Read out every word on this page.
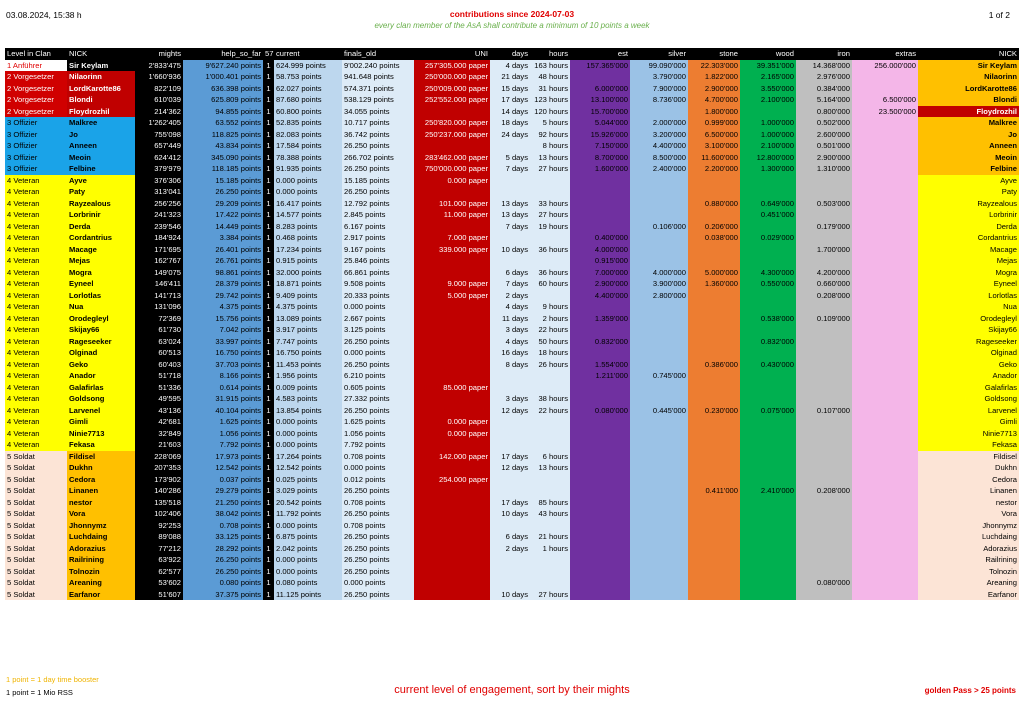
03.08.2024, 15:38 h	contributions since 2024-07-03
every clan member of the AsA shall contribute a minimum of 10 points a week
1 of 2
Level in Clan	NICK	mights	help_so_far	57	current	finals_old	UNI	days	hours	est	silver	stone	wood	iron	extras	NICK
1 Anführer	Sir Keylam	2'833'475	9'627.240 points	1	624.999 points	9'002.240 points	257'305.000 paper	4 days	163 hours	157.365'000	99.090'000	22.303'000	39.351'000	14.368'000	256.000'000	Sir Keylam
2 Vorgesetzer	Nilaorinn	1'660'936	1'000.401 points	1	58.753 points	941.648 points	250'000.000 paper	21 days	48 hours		3.790'000	1.822'000	2.165'000	2.976'000		Nilaorinn
2 Vorgesetzer	LordKarotte86	822'109	636.398 points	1	62.027 points	574.371 points	250'009.000 paper	15 days	31 hours	6.000'000	7.900'000	2.900'000	3.550'000	0.384'000		LordKarotte86
2 Vorgesetzer	Blondi	610'039	625.809 points	1	87.680 points	538.129 points	252'552.000 paper	17 days	123 hours	13.100'000	8.736'000	4.700'000	2.100'000	5.164'000	6.500'000	Blondi
2 Vorgesetzer	Floydrozhil	214'362	94.855 points	1	60.800 points	34.055 points		14 days	120 hours	15.700'000		1.800'000		0.800'000	23.500'000	Floydrozhil
3 Offizier	Malkree	1'262'405	63.552 points	1	52.835 points	10.717 points	250'820.000 paper	18 days	5 hours	5.044'000	2.000'000	0.999'000	1.000'000	0.502'000		Malkree
3 Offizier	Jo	755'098	118.825 points	1	82.083 points	36.742 points	250'237.000 paper	24 days	92 hours	15.926'000	3.200'000	6.500'000	1.000'000	2.600'000		Jo
3 Offizier	Anneen	657'449	43.834 points	1	17.584 points	26.250 points			8 hours	7.150'000	4.400'000	3.100'000	2.100'000	0.501'000		Anneen
3 Offizier	Meoin	624'412	345.090 points	1	78.388 points	266.702 points	283'462.000 paper	5 days	13 hours	8.700'000	8.500'000	11.600'000	12.800'000	2.900'000		Meoin
3 Offizier	Felbine	379'979	118.185 points	1	91.935 points	26.250 points	750'000.000 paper	7 days	27 hours	1.600'000	2.400'000	2.200'000	1.300'000	1.310'000		Felbine
4 Veteran	Ayve	376'306	15.185 points	1	0.000 points	15.185 points	0.000 paper									Ayve
4 Veteran	Paty	313'041	26.250 points	1	0.000 points	26.250 points										Paty
4 Veteran	Rayzealous	256'256	29.209 points	1	16.417 points	12.792 points	101.000 paper	13 days	33 hours			0.880'000	0.649'000	0.503'000		Rayzealous
4 Veteran	Lorbrinir	241'323	17.422 points	1	14.577 points	2.845 points	11.000 paper	13 days	27 hours				0.451'000			Lorbrinir
4 Veteran	Derda	239'546	14.449 points	1	8.283 points	6.167 points		7 days	19 hours		0.106'000	0.206'000		0.179'000		Derda
4 Veteran	Cordantrius	184'924	3.384 points	1	0.468 points	2.917 points	7.000 paper			0.400'000		0.038'000	0.029'000			Cordantrius
4 Veteran	Macage	171'695	26.401 points	1	17.234 points	9.167 points	339.000 paper	10 days	36 hours	4.000'000				1.700'000		Macage
4 Veteran	Mejas	162'767	26.761 points	1	0.915 points	25.846 points				0.915'000						Mejas
4 Veteran	Mogra	149'075	98.861 points	1	32.000 points	66.861 points		6 days	36 hours	7.000'000	4.000'000	5.000'000	4.300'000	4.200'000		Mogra
4 Veteran	Eyneel	146'411	28.379 points	1	18.871 points	9.508 points	9.000 paper	7 days	60 hours	2.900'000	3.900'000	1.360'000	0.550'000	0.660'000		Eyneel
4 Veteran	Lorlotlas	141'713	29.742 points	1	9.409 points	20.333 points	5.000 paper	2 days		4.400'000	2.800'000			0.208'000		Lorlotlas
4 Veteran	Nua	131'096	4.375 points	1	4.375 points	0.000 points		4 days	9 hours							Nua
4 Veteran	Orodegleyl	72'369	15.756 points	1	13.089 points	2.667 points		11 days	2 hours	1.359'000			0.538'000	0.109'000		Orodegleyl
4 Veteran	Skijay66	61'730	7.042 points	1	3.917 points	3.125 points		3 days	22 hours							Skijay66
4 Veteran	Rageseeker	63'024	33.997 points	1	7.747 points	26.250 points		4 days	50 hours	0.832'000			0.832'000			Rageseeker
4 Veteran	Olginad	60'513	16.750 points	1	16.750 points	0.000 points		16 days	18 hours							Olginad
4 Veteran	Geko	60'403	37.703 points	1	11.453 points	26.250 points		8 days	26 hours	1.554'000		0.386'000	0.430'000			Geko
4 Veteran	Anador	51'718	8.166 points	1	1.956 points	6.210 points				1.211'000	0.745'000					Anador
4 Veteran	Galafirlas	51'336	0.614 points	1	0.009 points	0.605 points	85.000 paper									Galafirlas
4 Veteran	Goldsong	49'595	31.915 points	1	4.583 points	27.332 points		3 days	38 hours							Goldsong
4 Veteran	Larvenel	43'136	40.104 points	1	13.854 points	26.250 points		12 days	22 hours	0.080'000	0.445'000	0.230'000	0.075'000	0.107'000		Larvenel
4 Veteran	Gimli	42'681	1.625 points	1	0.000 points	1.625 points	0.000 paper									Gimli
4 Veteran	Ninie7713	32'849	1.056 points	1	0.000 points	1.056 points	0.000 paper									Ninie7713
4 Veteran	Fekasa	21'603	7.792 points	1	0.000 points	7.792 points										Fekasa
5 Soldat	Fildisel	228'069	17.973 points	1	17.264 points	0.708 points	142.000 paper	17 days	6 hours							Fildisel
5 Soldat	Dukhn	207'353	12.542 points	1	12.542 points	0.000 points		12 days	13 hours							Dukhn
5 Soldat	Cedora	173'902	0.037 points	1	0.025 points	0.012 points	254.000 paper									Cedora
5 Soldat	Linanen	140'286	29.279 points	1	3.029 points	26.250 points						0.411'000	2.410'000	0.208'000		Linanen
5 Soldat	nestor	135'518	21.250 points	1	20.542 points	0.708 points		17 days	85 hours							nestor
5 Soldat	Vora	102'406	38.042 points	1	11.792 points	26.250 points		10 days	43 hours							Vora
5 Soldat	Jhonnymz	92'253	0.708 points	1	0.000 points	0.708 points										Jhonnymz
5 Soldat	Luchdaing	89'088	33.125 points	1	6.875 points	26.250 points		6 days	21 hours							Luchdaing
5 Soldat	Adorazius	77'212	28.292 points	1	2.042 points	26.250 points		2 days	1 hours							Adorazius
5 Soldat	Railrining	63'922	26.250 points	1	0.000 points	26.250 points										Railrining
5 Soldat	Tolnozin	62'577	26.250 points	1	0.000 points	26.250 points										Tolnozin
5 Soldat	Areaning	53'602	0.080 points	1	0.080 points	0.000 points								0.080'000		Areaning
5 Soldat	Earfanor	51'607	37.375 points	1	11.125 points	26.250 points		10 days	27 hours							Earfanor
1 point = 1 day time booster
1 point = 1 Mio RSS	current level of engagement, sort by their mights	golden Pass > 25 points
